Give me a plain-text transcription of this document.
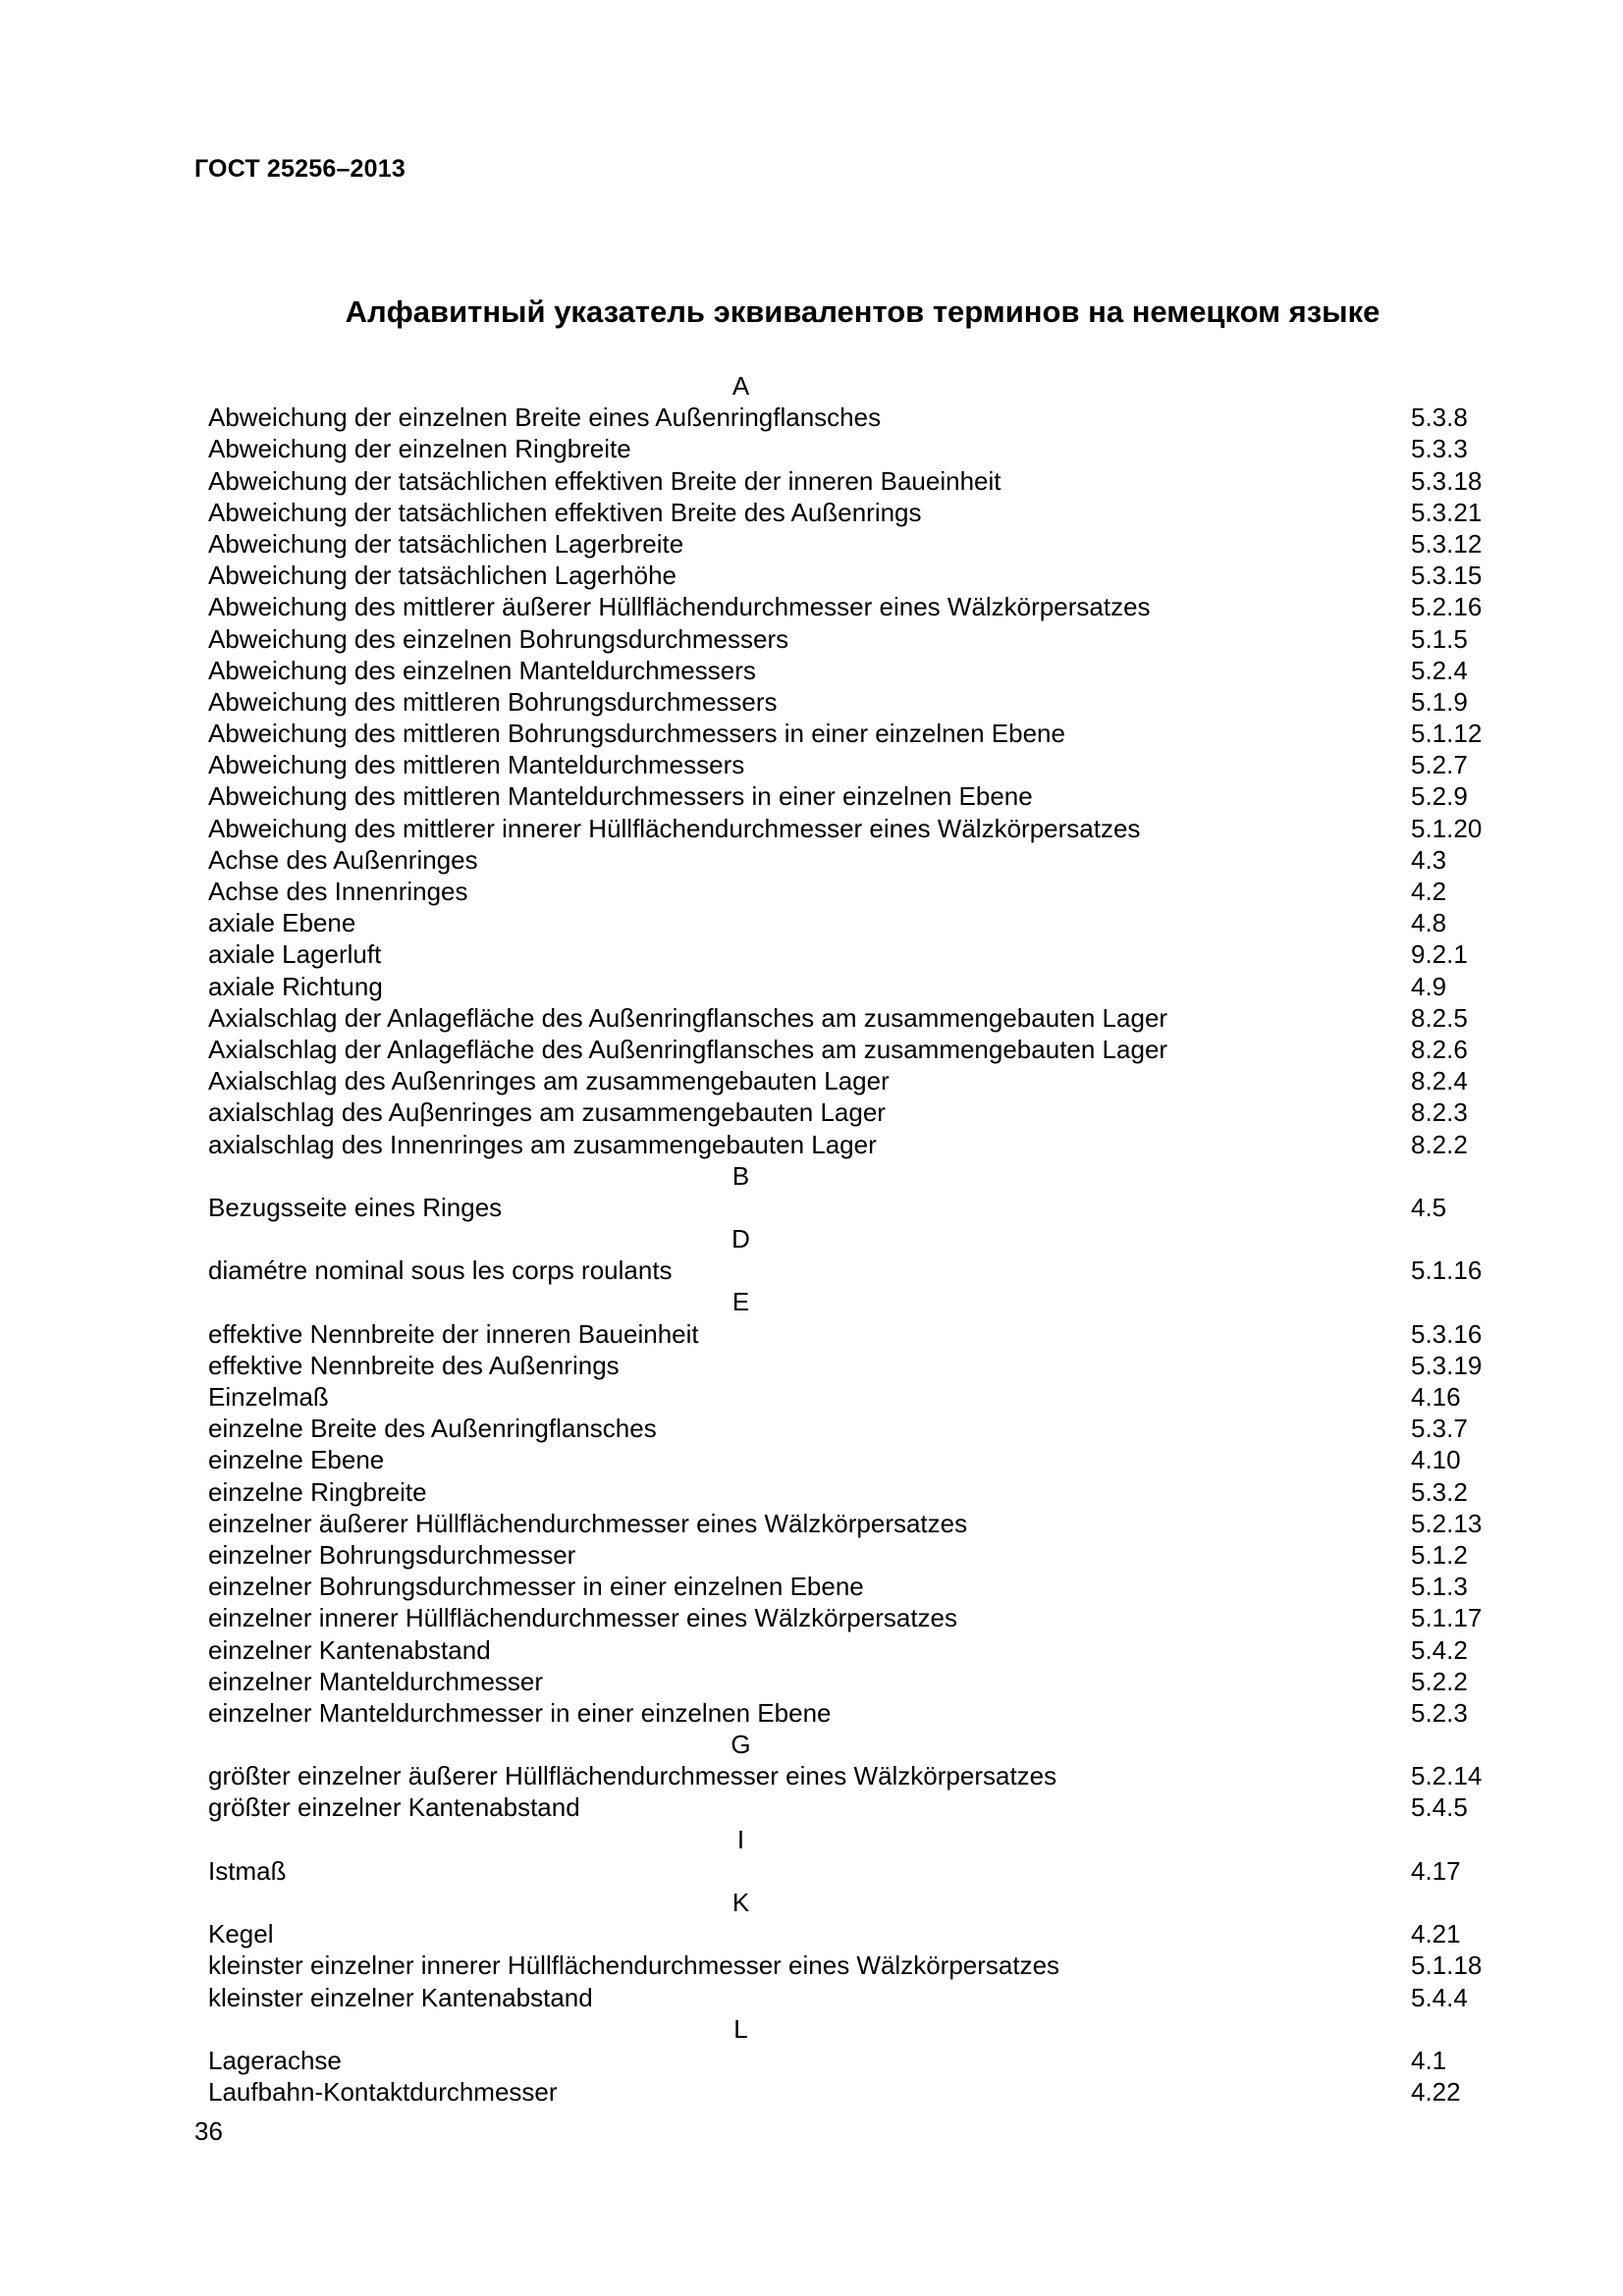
ГОСТ 25256–2013
Алфавитный указатель эквивалентов терминов на немецком языке
A
Abweichung der einzelnen Breite eines Außenringflansches	5.3.8
Abweichung der einzelnen Ringbreite	5.3.3
Abweichung der tatsächlichen effektiven Breite der inneren Baueinheit	5.3.18
Abweichung der tatsächlichen effektiven Breite des Außenrings	5.3.21
Abweichung der tatsächlichen Lagerbreite	5.3.12
Abweichung der tatsächlichen Lagerhöhe	5.3.15
Abweichung des mittlerer äußerer Hüllflächendurchmesser eines Wälzkörpersatzes	5.2.16
Abweichung des einzelnen Bohrungsdurchmessers	5.1.5
Abweichung des einzelnen Manteldurchmessers	5.2.4
Abweichung des mittleren Bohrungsdurchmessers	5.1.9
Abweichung des mittleren Bohrungsdurchmessers in einer einzelnen Ebene	5.1.12
Abweichung des mittleren Manteldurchmessers	5.2.7
Abweichung des mittleren Manteldurchmessers in einer einzelnen Ebene	5.2.9
Abweichung des mittlerer innerer Hüllflächendurchmesser eines Wälzkörpersatzes	5.1.20
Achse des Außenringes	4.3
Achse des Innenringes	4.2
axiale Ebene	4.8
axiale Lagerluft	9.2.1
axiale Richtung	4.9
Axialschlag der Anlagefläche des Außenringflansches am zusammengebauten Lager	8.2.5
Axialschlag der Anlagefläche des Außenringflansches am zusammengebauten Lager	8.2.6
Axialschlag des Außenringes am zusammengebauten Lager	8.2.4
axialschlag des Auβenringes am zusammengebauten Lager	8.2.3
axialschlag des Innenringes am zusammengebauten Lager	8.2.2
B
Bezugsseite eines Ringes	4.5
D
diamétre nominal sous les corps roulants	5.1.16
E
effektive Nennbreite der inneren Baueinheit	5.3.16
effektive Nennbreite des Außenrings	5.3.19
Einzelmaß	4.16
einzelne Breite des Außenringflansches	5.3.7
einzelne Ebene	4.10
einzelne Ringbreite	5.3.2
einzelner äußerer Hüllflächendurchmesser eines Wälzkörpersatzes	5.2.13
einzelner Bohrungsdurchmesser	5.1.2
einzelner Bohrungsdurchmesser in einer einzelnen Ebene	5.1.3
einzelner innerer Hüllflächendurchmesser eines Wälzkörpersatzes	5.1.17
einzelner Kantenabstand	5.4.2
einzelner Manteldurchmesser	5.2.2
einzelner Manteldurchmesser in einer einzelnen Ebene	5.2.3
G
größter einzelner äußerer Hüllflächendurchmesser eines Wälzkörpersatzes	5.2.14
größter einzelner Kantenabstand	5.4.5
I
Istmaß	4.17
K
Kegel	4.21
kleinster einzelner innerer Hüllflächendurchmesser eines Wälzkörpersatzes	5.1.18
kleinster einzelner Kantenabstand	5.4.4
L
Lagerachse	4.1
Laufbahn-Kontaktdurchmesser	4.22
36
